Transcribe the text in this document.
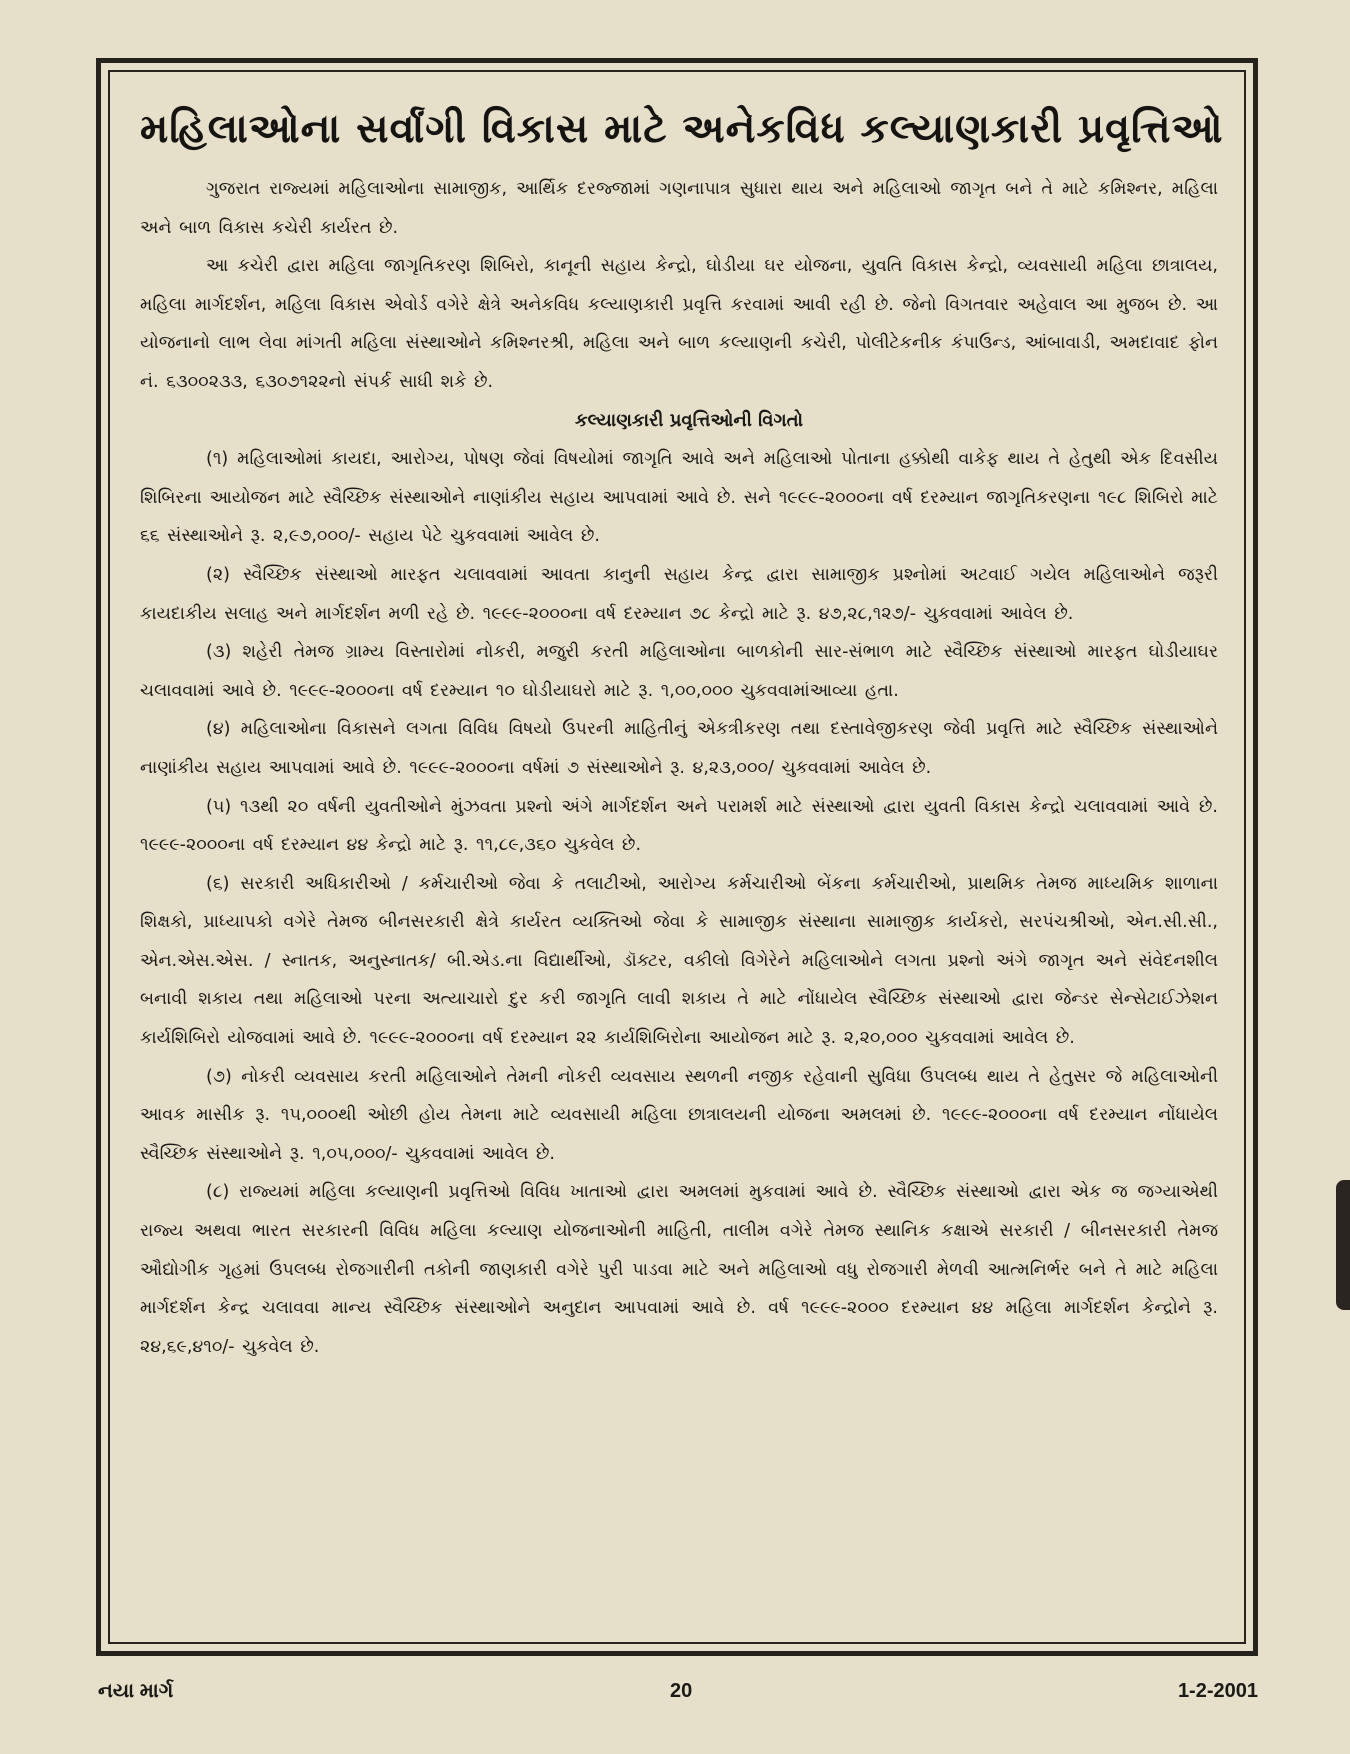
મહિલાઓના સર્વાંગી વિકાસ માટે અનેકવિધ કલ્યાણકારી પ્રવૃત્તિઓ

ગુજરાત રાજ્યમાં મહિલાઓના સામાજીક, આર્થિક દરજ્જામાં ગણનાપાત્ર સુધારા થાય અને મહિલાઓ જાગૃત બને તે માટે કમિશ્નર, મહિલા અને બાળ વિકાસ કચેરી કાર્યરત છે.

આ કચેરી દ્વારા મહિલા જાગૃતિકરણ શિબિરો, કાનૂની સહાય કેન્દ્રો, ઘોડીયા ઘર યોજના, યુવતિ વિકાસ કેન્દ્રો, વ્યવસાયી મહિલા છાત્રાલય, મહિલા માર્ગદર્શન, મહિલા વિકાસ એવોર્ડ વગેરે ક્ષેત્રે અનેકવિધ કલ્યાણકારી પ્રવૃત્તિ કરવામાં આવી રહી છે. જેનો વિગતવાર અહેવાલ આ મુજબ છે. આ યોજનાનો લાભ લેવા માંગતી મહિલા સંસ્થાઓને કમિશ્નરશ્રી, મહિલા અને બાળ કલ્યાણની કચેરી, પોલીટેકનીક કંપાઉન્ડ, આંબાવાડી, અમદાવાદ ફોન નં. ૬૩૦૦૨૩૩, ૬૩૦૭૧૨૨નો સંપર્ક સાધી શકે છે.

કલ્યાણકારી પ્રવૃત્તિઓની વિગતો

(૧) મહિલાઓમાં કાયદા, આરોગ્ય, પોષણ જેવાં વિષયોમાં જાગૃતિ આવે અને મહિલાઓ પોતાના હક્કોથી વાકેફ થાય તે હેતુથી એક દિવસીય શિબિરના આયોજન માટે સ્વૈચ્છિક સંસ્થાઓને નાણાંકીય સહાય આપવામાં આવે છે. સને ૧૯૯૯-૨૦૦૦ના વર્ષ દરમ્યાન જાગૃતિકરણના ૧૯૮ શિબિરો માટે ૬૬ સંસ્થાઓને રૂ. ૨,૯૭,૦૦૦/- સહાય પેટે ચુકવવામાં આવેલ છે.

(૨) સ્વૈચ્છિક સંસ્થાઓ મારફત ચલાવવામાં આવતા કાનુની સહાય કેન્દ્ર દ્વારા સામાજીક પ્રશ્નોમાં અટવાઈ ગયેલ મહિલાઓને જરૂરી કાયદાકીય સલાહ અને માર્ગદર્શન મળી રહે છે. ૧૯૯૯-૨૦૦૦ના વર્ષ દરમ્યાન ૭૮ કેન્દ્રો માટે રૂ. ૪૭,૨૮,૧૨૭/- ચુકવવામાં આવેલ છે.

(૩) શહેરી તેમજ ગ્રામ્ય વિસ્તારોમાં નોકરી, મજુરી કરતી મહિલાઓના બાળકોની સાર-સંભાળ માટે સ્વૈચ્છિક સંસ્થાઓ મારફત ઘોડીયાઘર ચલાવવામાં આવે છે. ૧૯૯૯-૨૦૦૦ના વર્ષ દરમ્યાન ૧૦ ઘોડીયાઘરો માટે રૂ. ૧,૦૦,૦૦૦ ચુકવવામાંઆવ્યા હતા.

(૪) મહિલાઓના વિકાસને લગતા વિવિધ વિષયો ઉપરની માહિતીનું એકત્રીકરણ તથા દસ્તાવેજીકરણ જેવી પ્રવૃત્તિ માટે સ્વૈચ્છિક સંસ્થાઓને નાણાંકીય સહાય આપવામાં આવે છે. ૧૯૯૯-૨૦૦૦ના વર્ષમાં ૭ સંસ્થાઓને રૂ. ૪,૨૩,૦૦૦/ ચુકવવામાં આવેલ છે.

(૫) ૧૩થી ૨૦ વર્ષની યુવતીઓને મુંઝવતા પ્રશ્નો અંગે માર્ગદર્શન અને પરામર્શ માટે સંસ્થાઓ દ્વારા યુવતી વિકાસ કેન્દ્રો ચલાવવામાં આવે છે. ૧૯૯૯-૨૦૦૦ના વર્ષ દરમ્યાન ૪૪ કેન્દ્રો માટે રૂ. ૧૧,૮૯,૩૬૦ ચુકવેલ છે.

(૬) સરકારી અધિકારીઓ / કર્મચારીઓ જેવા કે તલાટીઓ, આરોગ્ય કર્મચારીઓ બેંકના કર્મચારીઓ, પ્રાથમિક તેમજ માધ્યમિક શાળાના શિક્ષકો, પ્રાધ્યાપકો વગેરે તેમજ બીનસરકારી ક્ષેત્રે કાર્યરત વ્યક્તિઓ જેવા કે સામાજીક સંસ્થાના સામાજીક કાર્યકરો, સરપંચશ્રીઓ, એન.સી.સી., એન.એસ.એસ. / સ્નાતક, અનુસ્નાતક/ બી.એડ.ના વિદ્યાર્થીઓ, ડૉક્ટર, વકીલો વિગેરેને મહિલાઓને લગતા પ્રશ્નો અંગે જાગૃત અને સંવેદનશીલ બનાવી શકાય તથા મહિલાઓ પરના અત્યાચારો દુર કરી જાગૃતિ લાવી શકાય તે માટે નોંધાયેલ સ્વૈચ્છિક સંસ્થાઓ દ્વારા જેન્ડર સેન્સેટાઈઝેશન કાર્યશિબિરો યોજવામાં આવે છે. ૧૯૯૯-૨૦૦૦ના વર્ષ દરમ્યાન ૨૨ કાર્યશિબિરોના આયોજન માટે રૂ. ૨,૨૦,૦૦૦ ચુકવવામાં આવેલ છે.

(૭) નોકરી વ્યવસાય કરતી મહિલાઓને તેમની નોકરી વ્યવસાય સ્થળની નજીક રહેવાની સુવિધા ઉપલબ્ધ થાય તે હેતુસર જે મહિલાઓની આવક માસીક રૂ. ૧૫,૦૦૦થી ઓછી હોય તેમના માટે વ્યવસાયી મહિલા છાત્રાલયની યોજના અમલમાં છે. ૧૯૯૯-૨૦૦૦ના વર્ષ દરમ્યાન નોંધાયેલ સ્વૈચ્છિક સંસ્થાઓને રૂ. ૧,૦૫,૦૦૦/- ચુકવવામાં આવેલ છે.

(૮) રાજ્યમાં મહિલા કલ્યાણની પ્રવૃત્તિઓ વિવિધ ખાતાઓ દ્વારા અમલમાં મુકવામાં આવે છે. સ્વૈચ્છિક સંસ્થાઓ દ્વારા એક જ જગ્યાએથી રાજ્ય અથવા ભારત સરકારની વિવિધ મહિલા કલ્યાણ યોજનાઓની માહિતી, તાલીમ વગેરે તેમજ સ્થાનિક કક્ષાએ સરકારી / બીનસરકારી તેમજ ઔદ્યોગીક ગૃહમાં ઉપલબ્ધ રોજગારીની તકોની જાણકારી વગેરે પુરી પાડવા માટે અને મહિલાઓ વધુ રોજગારી મેળવી આત્મનિર્ભર બને તે માટે મહિલા માર્ગદર્શન કેન્દ્ર ચલાવવા માન્ય સ્વૈચ્છિક સંસ્થાઓને અનુદાન આપવામાં આવે છે. વર્ષ ૧૯૯૯-૨૦૦૦ દરમ્યાન ૪૪ મહિલા માર્ગદર્શન કેન્દ્રોને રૂ. ૨૪,૬૯,૪૧૦/- ચુકવેલ છે.

નયા માર્ગ	20	1-2-2001
